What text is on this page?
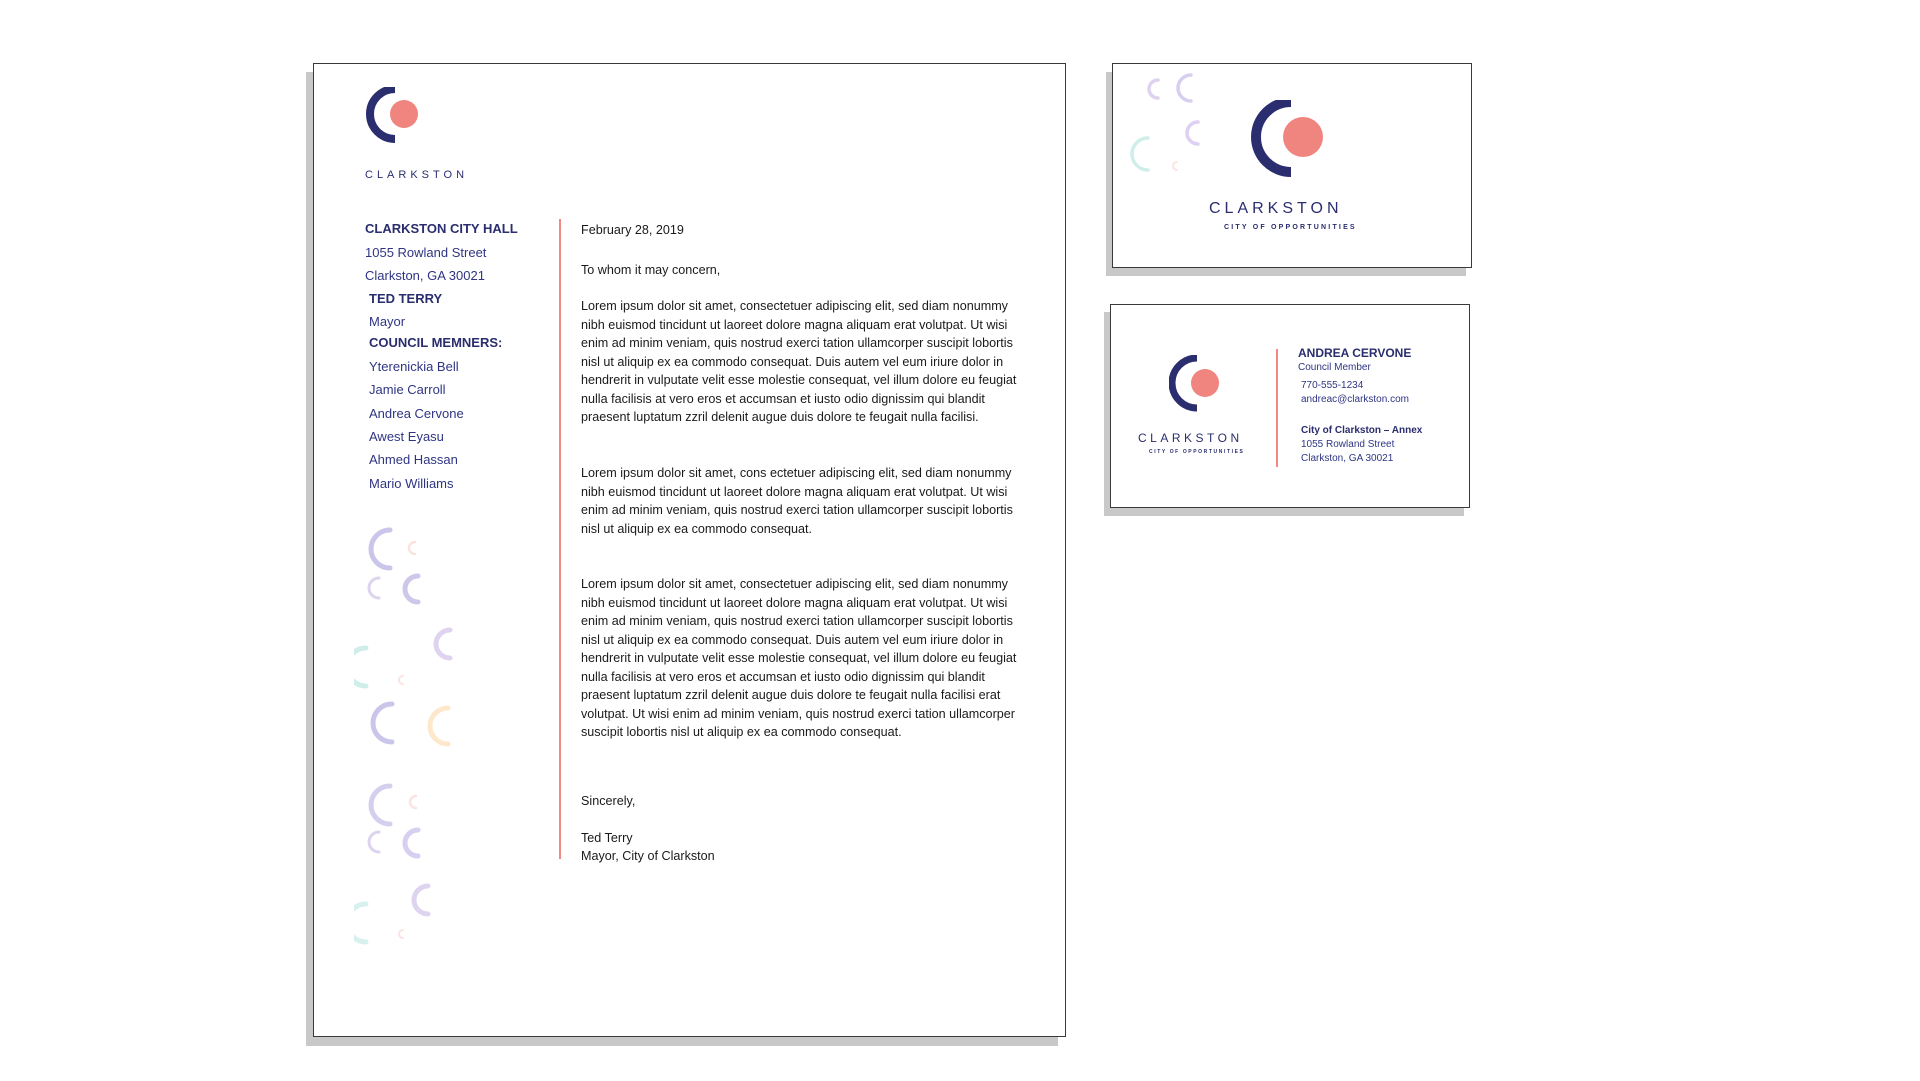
CLARKSTON
CLARKSTON CITY HALL
1055 Rowland Street
Clarkston, GA 30021
TED TERRY
Mayor
COUNCIL MEMNERS:
Yterenickia Bell
Jamie Carroll
Andrea Cervone
Awest Eyasu
Ahmed Hassan
Mario Williams
February 28, 2019
To whom it may concern,
Lorem ipsum dolor sit amet, consectetuer adipiscing elit, sed diam nonummy nibh euismod tincidunt ut laoreet dolore magna aliquam erat volutpat. Ut wisi enim ad minim veniam, quis nostrud exerci tation ullamcorper suscipit lobortis nisl ut aliquip ex ea commodo consequat. Duis autem vel eum iriure dolor in hendrerit in vulputate velit esse molestie consequat, vel illum dolore eu feugiat nulla facilisis at vero eros et accumsan et iusto odio dignissim qui blandit praesent luptatum zzril delenit augue duis dolore te feugait nulla facilisi.
Lorem ipsum dolor sit amet, cons ectetuer adipiscing elit, sed diam nonummy nibh euismod tincidunt ut laoreet dolore magna aliquam erat volutpat. Ut wisi enim ad minim veniam, quis nostrud exerci tation ullamcorper suscipit lobortis nisl ut aliquip ex ea commodo consequat.
Lorem ipsum dolor sit amet, consectetuer adipiscing elit, sed diam nonummy nibh euismod tincidunt ut laoreet dolore magna aliquam erat volutpat. Ut wisi enim ad minim veniam, quis nostrud exerci tation ullamcorper suscipit lobortis nisl ut aliquip ex ea commodo consequat. Duis autem vel eum iriure dolor in hendrerit in vulputate velit esse molestie consequat, vel illum dolore eu feugiat nulla facilisis at vero eros et accumsan et iusto odio dignissim qui blandit praesent luptatum zzril delenit augue duis dolore te feugait nulla facilisi erat volutpat. Ut wisi enim ad minim veniam, quis nostrud exerci tation ullamcorper suscipit lobortis nisl ut aliquip ex ea commodo consequat.
Sincerely,
Ted Terry
Mayor, City of Clarkston
CLARKSTON
CITY OF OPPORTUNITIES
CLARKSTON
CITY OF OPPORTUNITIES
ANDREA CERVONE
Council Member
770-555-1234
andreac@clarkston.com
City of Clarkston – Annex
1055 Rowland Street
Clarkston, GA 30021
